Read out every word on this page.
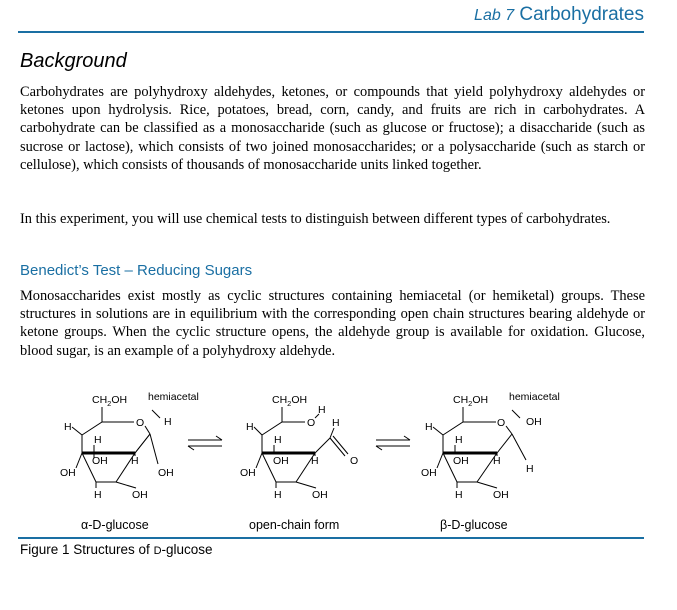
Lab 7 Carbohydrates
Background

Carbohydrates are polyhydroxy aldehydes, ketones, or compounds that yield polyhydroxy aldehydes or ketones upon hydrolysis. Rice, potatoes, bread, corn, candy, and fruits are rich in carbohydrates. A carbohydrate can be classified as a monosaccharide (such as glucose or fructose); a disaccharide (such as sucrose or lactose), which consists of two joined monosaccharides; or a polysaccharide (such as starch or cellulose), which consists of thousands of monosaccharide units linked together.

In this experiment, you will use chemical tests to distinguish between different types of carbohydrates.

Benedict’s Test – Reducing Sugars

Monosaccharides exist mostly as cyclic structures containing hemiacetal (or hemiketal) groups. These structures in solutions are in equilibrium with the corresponding open chain structures bearing aldehyde or ketone groups. When the cyclic structure opens, the aldehyde group is available for oxidation. Glucose, blood sugar, is an example of a polyhydroxy aldehyde.

$CH_2OH$ hemiacetal
O H
H
H
OH H
OH
OH
H	OH
$CH_2OH$
O
H
H
H
H
OH H	O
OH
H	OH
$CH_2OH$ hemiacetal
O OH
H
H
OH H
H
OH
H	OH
α-D-glucose	open-chain form	β-D-glucose
Figure 1 Structures of D-glucose
